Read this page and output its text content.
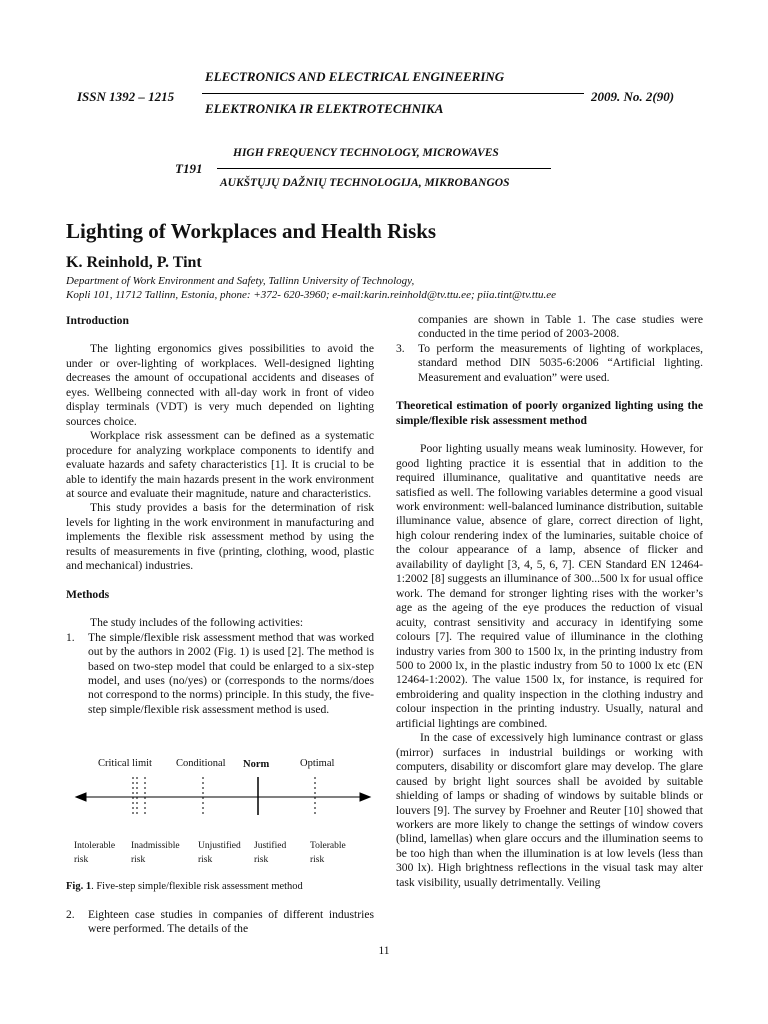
ISSN 1392 – 1215
ELECTRONICS AND ELECTRICAL ENGINEERING
ELEKTRONIKA IR ELEKTROTECHNIKA
2009. No. 2(90)
HIGH FREQUENCY TECHNOLOGY, MICROWAVES
T191
AUKŠTŲJŲ DAŽNIŲ TECHNOLOGIJA, MIKROBANGOS
Lighting of Workplaces and Health Risks
K. Reinhold, P. Tint
Department of Work Environment and Safety, Tallinn University of Technology,
Kopli 101, 11712 Tallinn, Estonia, phone: +372- 620-3960; e-mail:karin.reinhold@tv.ttu.ee; piia.tint@tv.ttu.ee

Introduction

The lighting ergonomics gives possibilities to avoid the under or over-lighting of workplaces. Well-designed lighting decreases the amount of occupational accidents and diseases of eyes. Wellbeing connected with all-day work in front of video display terminals (VDT) is very much depended on lighting sources choice.

Workplace risk assessment can be defined as a systematic procedure for analyzing workplace components to identify and evaluate hazards and safety characteristics [1]. It is crucial to be able to identify the main hazards present in the work environment at source and evaluate their magnitude, nature and characteristics.

This study provides a basis for the determination of risk levels for lighting in the work environment in manufacturing and implements the flexible risk assessment method by using the results of measurements in five (printing, clothing, wood, plastic and mechanical) industries.

Methods

The study includes of the following activities:

1.	The simple/flexible risk assessment method that was worked out by the authors in 2002 (Fig. 1) is used [2]. The method is based on two-step model that could be enlarged to a six-step model, and uses (no/yes) or (corresponds to the norms/does not correspond to the norms) principle. In this study, the five-step simple/flexible risk assessment method is used.
Critical limit Conditional Norm	Optimal
Intolerable
risk
Inadmissible
risk
Unjustified
risk
Justified
risk
Tolerable
risk
Fig. 1. Five-step simple/flexible risk assessment method
2.	Eighteen case studies in companies of different industries were performed. The details of the

companies are shown in Table 1. The case studies were conducted in the time period of 2003-2008.

3.	To perform the measurements of lighting of workplaces, standard method DIN 5035-6:2006 “Artificial lighting. Measurement and evaluation” were used.

Theoretical estimation of poorly organized lighting using the simple/flexible risk assessment method

Poor lighting usually means weak luminosity. However, for good lighting practice it is essential that in addition to the required illuminance, qualitative and quantitative needs are satisfied as well. The following variables determine a good visual work environment: well-balanced luminance distribution, suitable illuminance value, absence of glare, correct direction of light, high colour rendering index of the luminaries, suitable choice of the colour appearance of a lamp, absence of flicker and availability of daylight [3, 4, 5, 6, 7]. CEN Standard EN 12464-1:2002 [8] suggests an illuminance of 300...500 lx for usual office work. The demand for stronger lighting rises with the worker’s age as the ageing of the eye produces the reduction of visual acuity, contrast sensitivity and accuracy in identifying some colours [7]. The required value of illuminance in the clothing industry varies from 300 to 1500 lx, in the printing industry from 500 to 2000 lx, in the plastic industry from 50 to 1000 lx etc (EN 12464-1:2002). The value 1500 lx, for instance, is required for embroidering and quality inspection in the clothing industry and colour inspection in the printing industry. Usually, natural and artificial lightings are combined.

In the case of excessively high luminance contrast or glass (mirror) surfaces in industrial buildings or working with computers, disability or discomfort glare may develop. The glare caused by bright light sources shall be avoided by suitable shielding of lamps or shading of windows by suitable blinds or louvers [9]. The survey by Froehner and Reuter [10] showed that workers are more likely to change the settings of window covers (blind, lamellas) when glare occurs and the illumination seems to be too high than when the illumination is at low levels (less than 300 lx). High brightness reflections in the visual task may alter task visibility, usually detrimentally. Veiling

11
